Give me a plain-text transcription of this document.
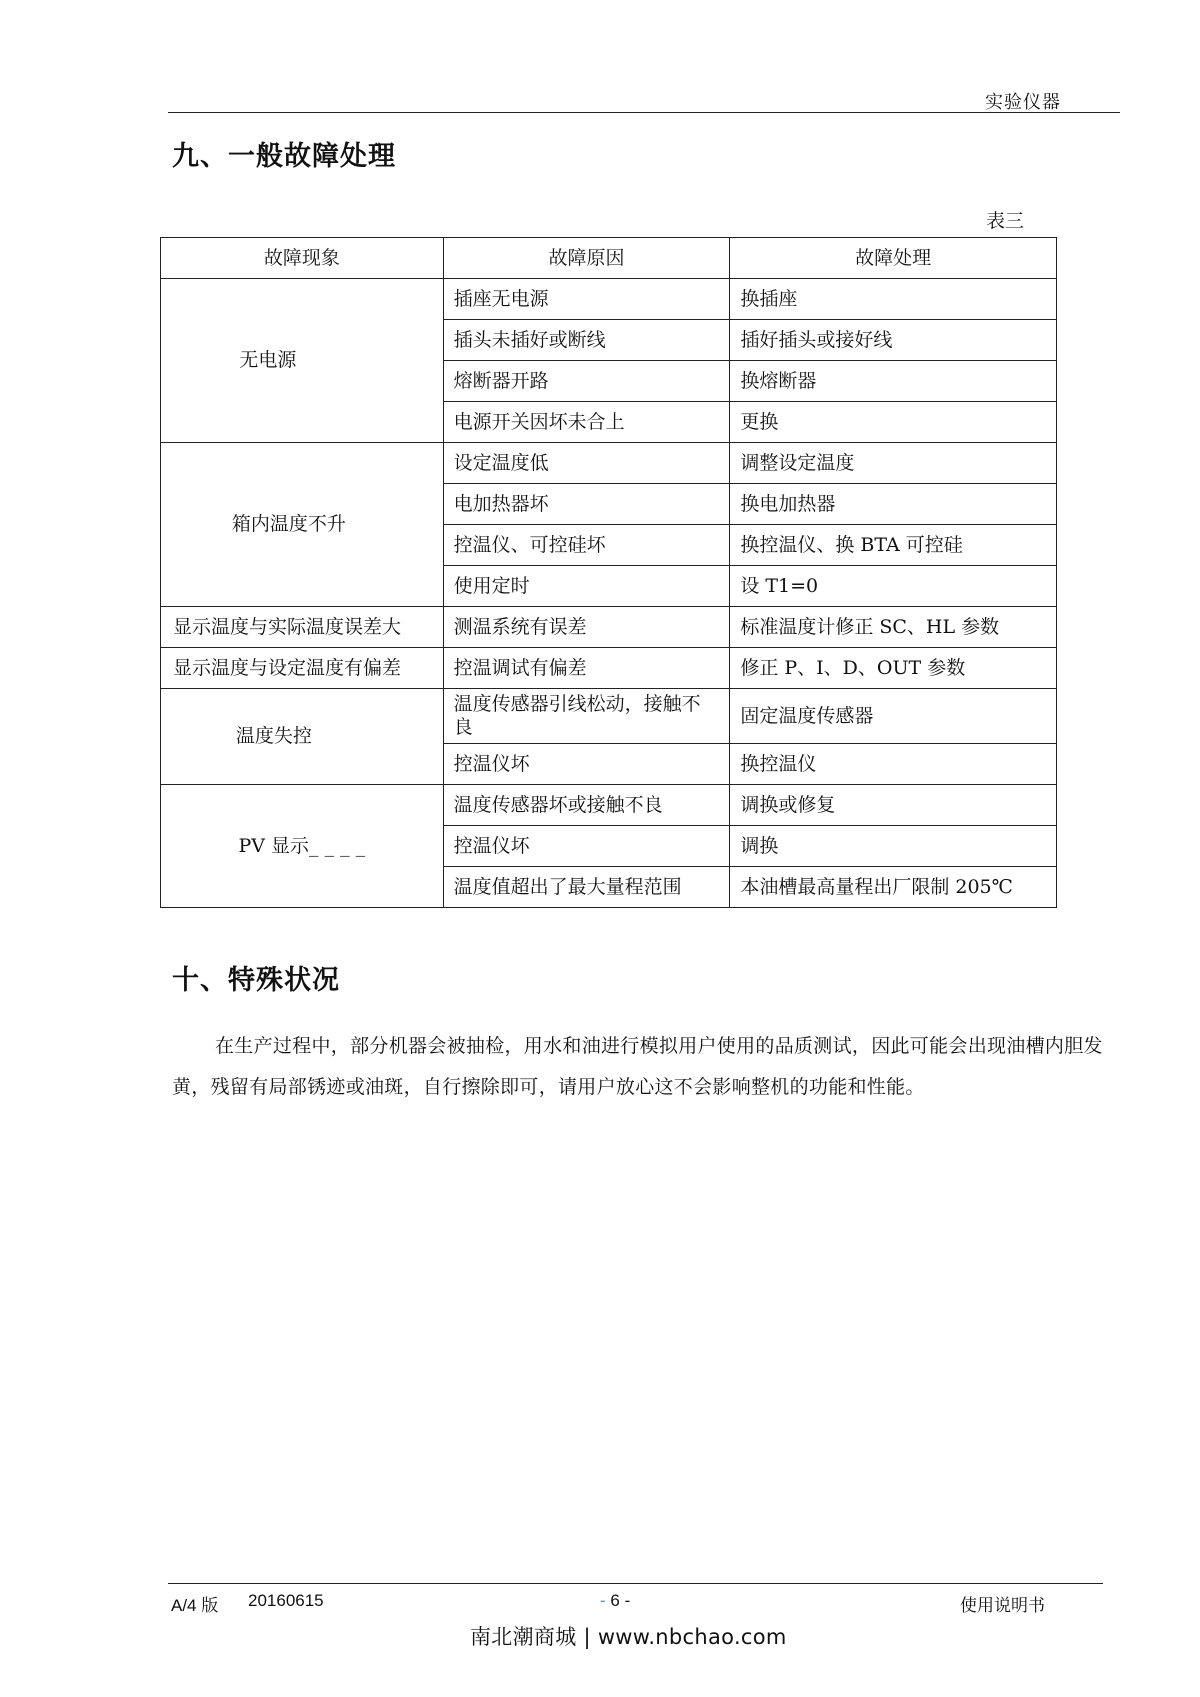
实验仪器
九、一般故障处理
表三
故障现象	故障原因	故障处理
无电源	插座无电源	换插座
	插头未插好或断线	插好插头或接好线
	熔断器开路	换熔断器
	电源开关因坏未合上	更换
箱内温度不升	设定温度低	调整设定温度
	电加热器坏	换电加热器
	控温仪、可控硅坏	换控温仪、换 BTA 可控硅
	使用定时	设 T1=0
显示温度与实际温度误差大	测温系统有误差	标准温度计修正 SC、HL 参数
显示温度与设定温度有偏差	控温调试有偏差	修正 P、I、D、OUT 参数
温度失控	温度传感器引线松动，接触不良	固定温度传感器
	控温仪坏	换控温仪
PV 显示_ _ _ _	温度传感器坏或接触不良	调换或修复
	控温仪坏	调换
	温度值超出了最大量程范围	本油槽最高量程出厂限制 205℃
十、特殊状况
在生产过程中，部分机器会被抽检，用水和油进行模拟用户使用的品质测试，因此可能会出现油槽内胆发黄，残留有局部锈迹或油斑，自行擦除即可，请用户放心这不会影响整机的功能和性能。
A/4 版 20160615	- 6 -	使用说明书
南北潮商城 | www.nbchao.com
